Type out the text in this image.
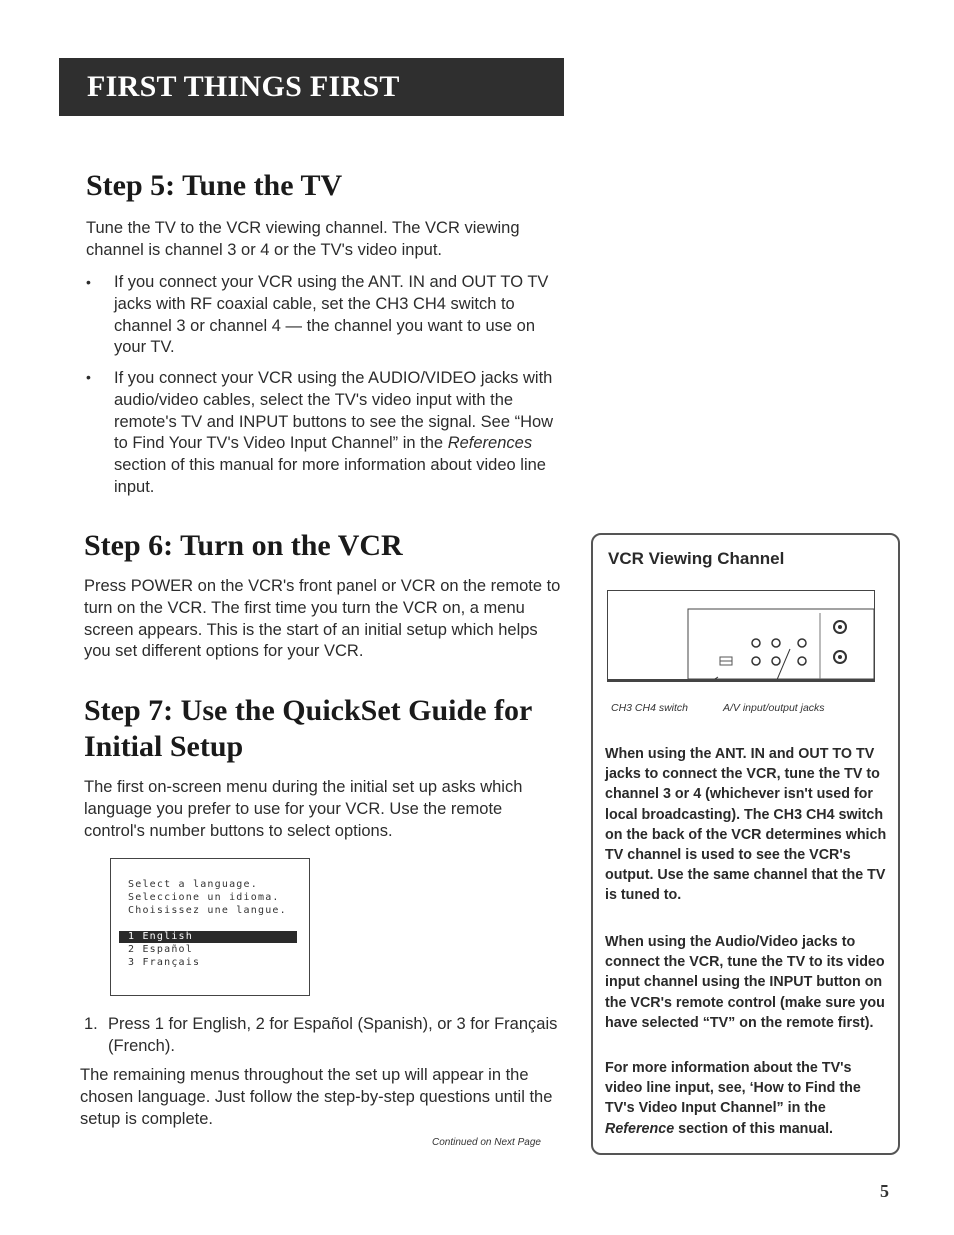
FIRST THINGS FIRST
Step 5: Tune the TV

Tune the TV to the VCR viewing channel. The VCR viewing channel is channel 3 or 4 or the TV's video input.

• If you connect your VCR using the ANT. IN and OUT TO TV jacks with RF coaxial cable, set the CH3 CH4 switch to channel 3 or channel 4 — the channel you want to use on your TV.
• If you connect your VCR using the AUDIO/VIDEO jacks with audio/video cables, select the TV's video input with the remote's TV and INPUT buttons to see the signal. See “How to Find Your TV's Video Input Channel” in the References section of this manual for more information about video line input.
Step 6: Turn on the VCR

Press POWER on the VCR's front panel or VCR on the remote to turn on the VCR. The first time you turn the VCR on, a menu screen appears. This is the start of an initial setup which helps you set different options for your VCR.

Step 7: Use the QuickSet Guide for
Initial Setup

The first on-screen menu during the initial set up asks which language you prefer to use for your VCR. Use the remote control's number buttons to select options.

Select a language.
Seleccione un idioma.
Choisissez une langue.
1 English
2 Español
3 Français
1. Press 1 for English, 2 for Español (Spanish), or 3 for Français (French).

The remaining menus throughout the set up will appear in the chosen language. Just follow the step-by-step questions until the setup is complete.

Continued on Next Page
VCR Viewing Channel
CH3 CH4 switch	A/V input/output jacks

When using the ANT. IN and OUT TO TV jacks to connect the VCR, tune the TV to channel 3 or 4 (whichever isn't used for local broadcasting). The CH3 CH4 switch on the back of the VCR determines which TV channel is used to see the VCR's output. Use the same channel that the TV is tuned to.

When using the Audio/Video jacks to connect the VCR, tune the TV to its video input channel using the INPUT button on the VCR's remote control (make sure you have selected “TV” on the remote first).

For more information about the TV's video line input, see, ‘How to Find the TV's Video Input Channel” in the Reference section of this manual.

5
